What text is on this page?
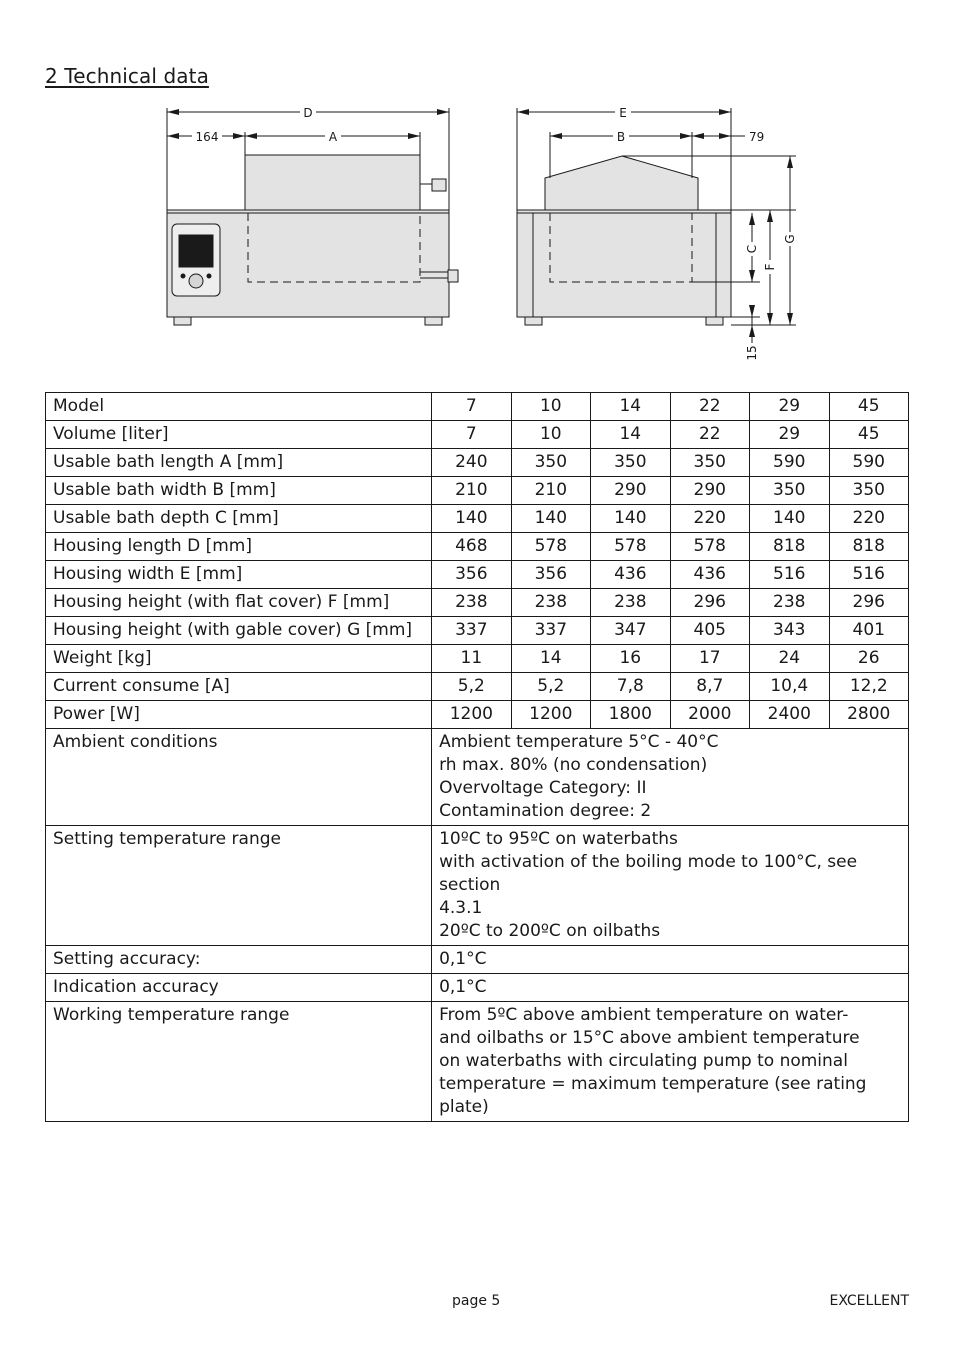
2 Technical data
D
164	A
E
B	79
C
F
G
15
Model	7	10	14	22	29	45
Volume [liter]	7	10	14	22	29	45
Usable bath length A [mm]	240	350	350	350	590	590
Usable bath width B [mm]	210	210	290	290	350	350
Usable bath depth C [mm]	140	140	140	220	140	220
Housing length D [mm]	468	578	578	578	818	818
Housing width E [mm]	356	356	436	436	516	516
Housing height (with flat cover) F [mm]	238	238	238	296	238	296
Housing height (with gable cover) G [mm]	337	337	347	405	343	401
Weight [kg]	11	14	16	17	24	26
Current consume [A]	5,2	5,2	7,8	8,7	10,4	12,2
Power [W]	1200	1200	1800	2000	2400	2800
Ambient conditions	Ambient temperature 5°C - 40°C
rh max. 80% (no condensation)
Overvoltage Category: II
Contamination degree: 2					

Setting temperature range	10ºC to 95ºC on waterbaths
with activation of the boiling mode to 100°C, see section
4.3.1
20ºC to 200ºC on oilbaths					

Setting accuracy:	0,1°C					

Indication accuracy	0,1°C					

Working temperature range	From 5ºC above ambient temperature on water-
and oilbaths or 15°C above ambient temperature
on waterbaths with circulating pump to nominal
temperature = maximum temperature (see rating plate)					
page 5	EXCELLENT
